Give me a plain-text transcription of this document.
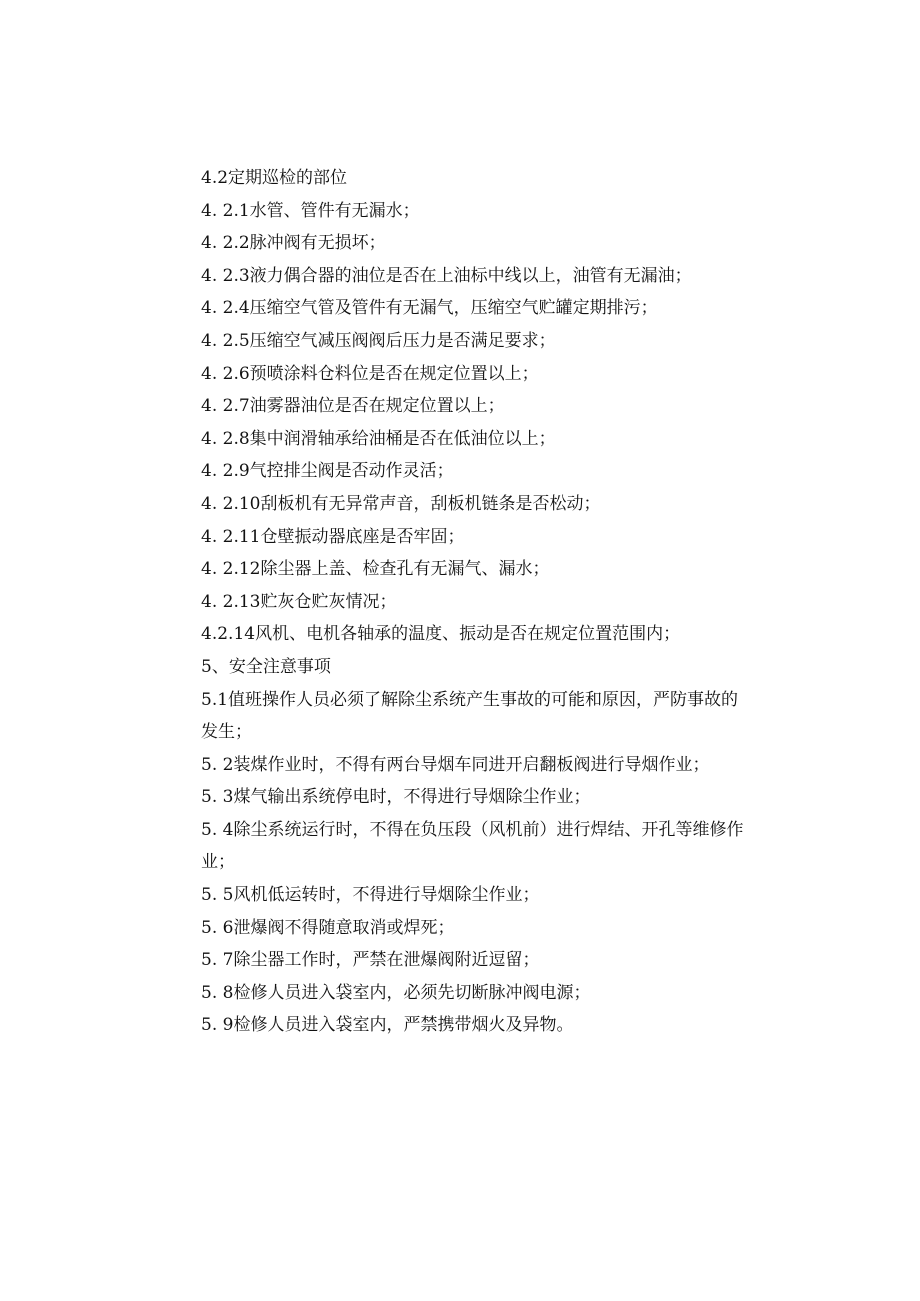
4.2定期巡检的部位
4. 2.1水管、管件有无漏水；
4. 2.2脉冲阀有无损坏；
4. 2.3液力偶合器的油位是否在上油标中线以上，油管有无漏油；
4. 2.4压缩空气管及管件有无漏气，压缩空气贮罐定期排污；
4. 2.5压缩空气减压阀阀后压力是否满足要求；
4. 2.6预喷涂料仓料位是否在规定位置以上；
4. 2.7油雾器油位是否在规定位置以上；
4. 2.8集中润滑轴承给油桶是否在低油位以上；
4. 2.9气控排尘阀是否动作灵活；
4. 2.10刮板机有无异常声音，刮板机链条是否松动；
4. 2.11仓壁振动器底座是否牢固；
4. 2.12除尘器上盖、检查孔有无漏气、漏水；
4. 2.13贮灰仓贮灰情况；
4.2.14风机、电机各轴承的温度、振动是否在规定位置范围内；
5、安全注意事项
5.1值班操作人员必须了解除尘系统产生事故的可能和原因，严防事故的发生；
5. 2装煤作业时，不得有两台导烟车同进开启翻板阀进行导烟作业；
5. 3煤气输出系统停电时，不得进行导烟除尘作业；
5. 4除尘系统运行时，不得在负压段（风机前）进行焊结、开孔等维修作业；
5. 5风机低运转时，不得进行导烟除尘作业；
5. 6泄爆阀不得随意取消或焊死；
5. 7除尘器工作时，严禁在泄爆阀附近逗留；
5. 8检修人员进入袋室内，必须先切断脉冲阀电源；
5. 9检修人员进入袋室内，严禁携带烟火及异物。
